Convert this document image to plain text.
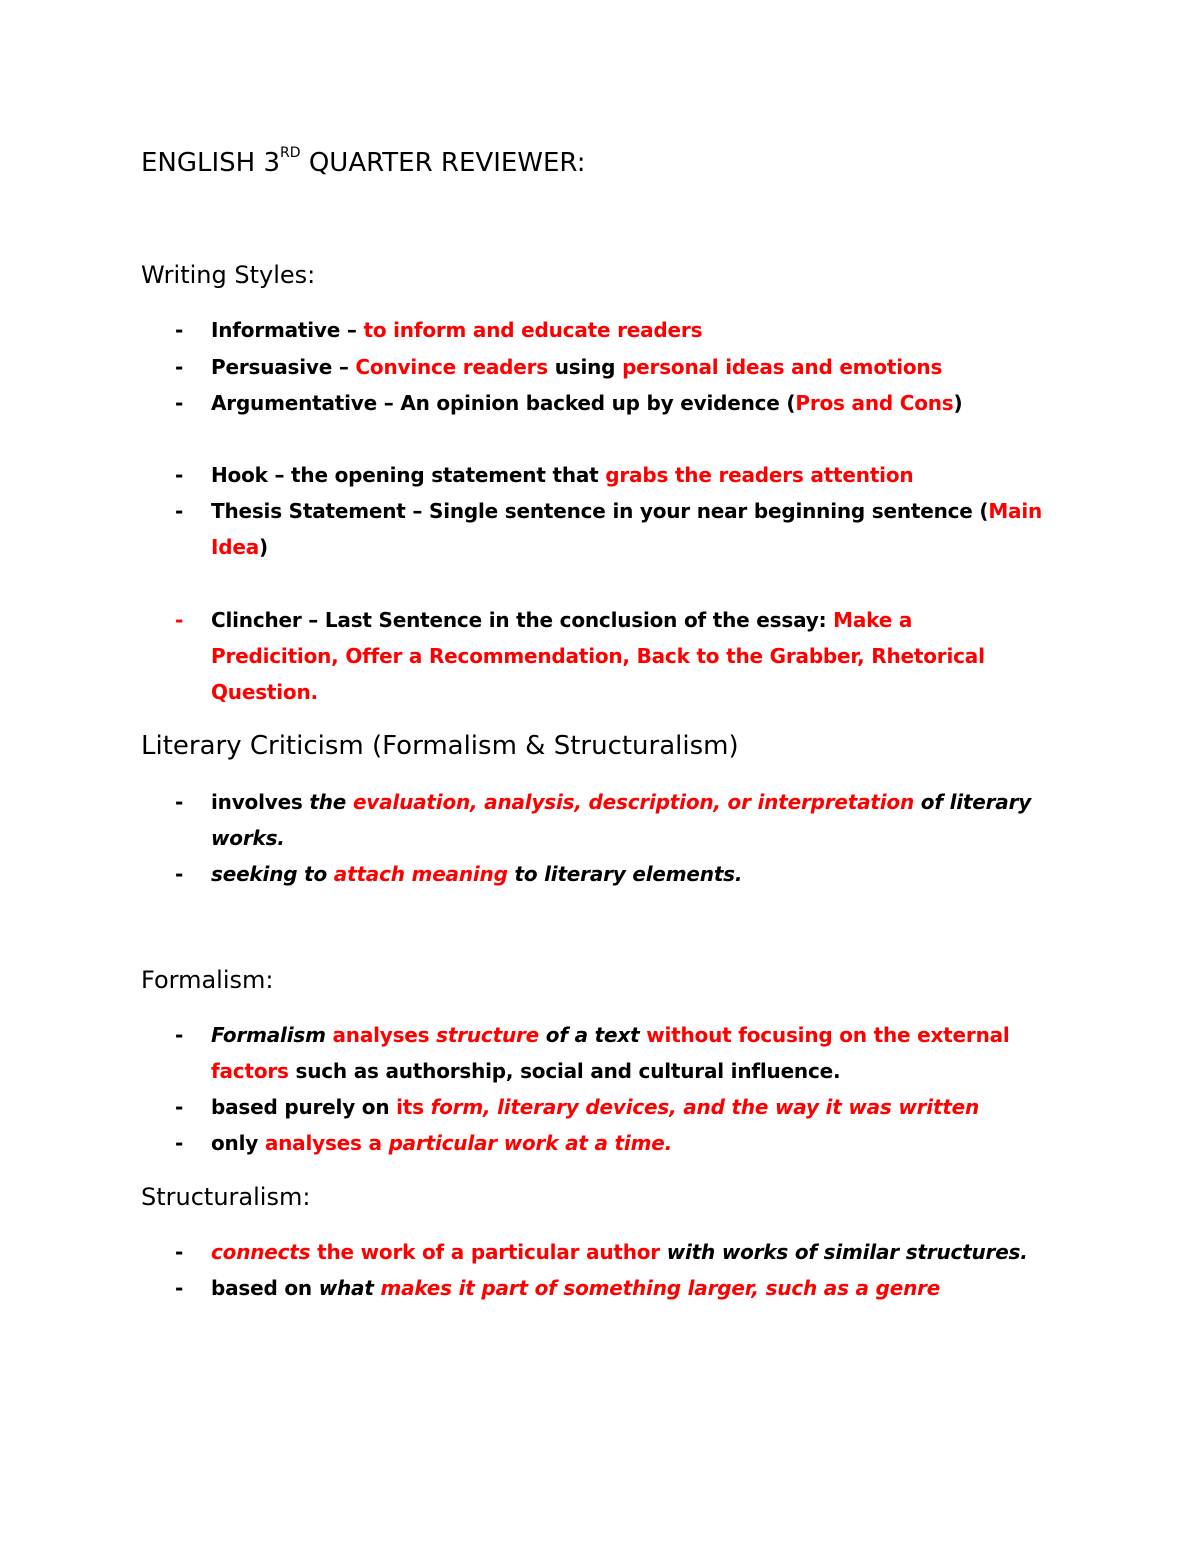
ENGLISH 3RD QUARTER REVIEWER:
Writing Styles:
- Informative – to inform and educate readers
- Persuasive – Convince readers using personal ideas and emotions
- Argumentative – An opinion backed up by evidence (Pros and Cons)
- Hook – the opening statement that grabs the readers attention
- Thesis Statement – Single sentence in your near beginning sentence (Main
Idea)
- Clincher – Last Sentence in the conclusion of the essay: Make a
Predicition, Offer a Recommendation, Back to the Grabber, Rhetorical
Question.
Literary Criticism (Formalism & Structuralism)
- involves the evaluation, analysis, description, or interpretation of literary
works.
- seeking to attach meaning to literary elements.
Formalism:
- Formalism analyses structure of a text without focusing on the external
factors such as authorship, social and cultural influence.
- based purely on its form, literary devices, and the way it was written
- only analyses a particular work at a time.
Structuralism:
- connects the work of a particular author with works of similar structures.
- based on what makes it part of something larger, such as a genre
